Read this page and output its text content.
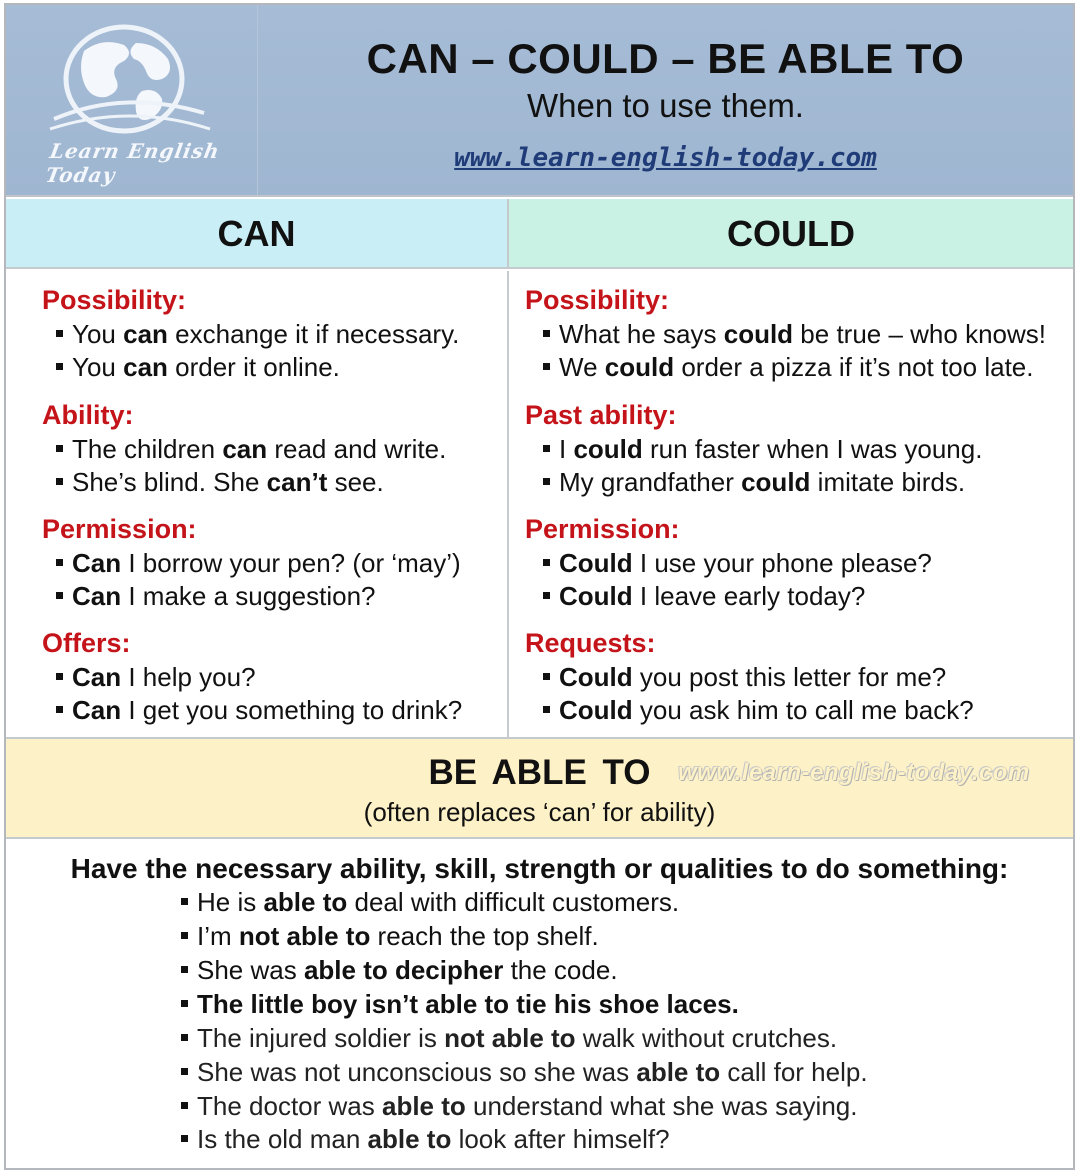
Learn English Today
CAN – COULD – BE ABLE TO
When to use them.
www.learn-english-today.com
CAN	COULD
Possibility:
You can exchange it if necessary.
You can order it online.
Ability:
The children can read and write.
She’s blind. She can’t see.
Permission:
Can I borrow your pen? (or ‘may’)
Can I make a suggestion?
Offers:
Can I help you?
Can I get you something to drink?
Possibility:
What he says could be true – who knows!
We could order a pizza if it’s not too late.
Past ability:
I could run faster when I was young.
My grandfather could imitate birds.
Permission:
Could I use your phone please?
Could I leave early today?
Requests:
Could you post this letter for me?
Could you ask him to call me back?
BE ABLE TO	www.learn-english-today.com
(often replaces ‘can’ for ability)
Have the necessary ability, skill, strength or qualities to do something:
He is able to deal with difficult customers.
I’m not able to reach the top shelf.
She was able to decipher the code.
The little boy isn’t able to tie his shoe laces.
The injured soldier is not able to walk without crutches.
She was not unconscious so she was able to call for help.
The doctor was able to understand what she was saying.
Is the old man able to look after himself?
